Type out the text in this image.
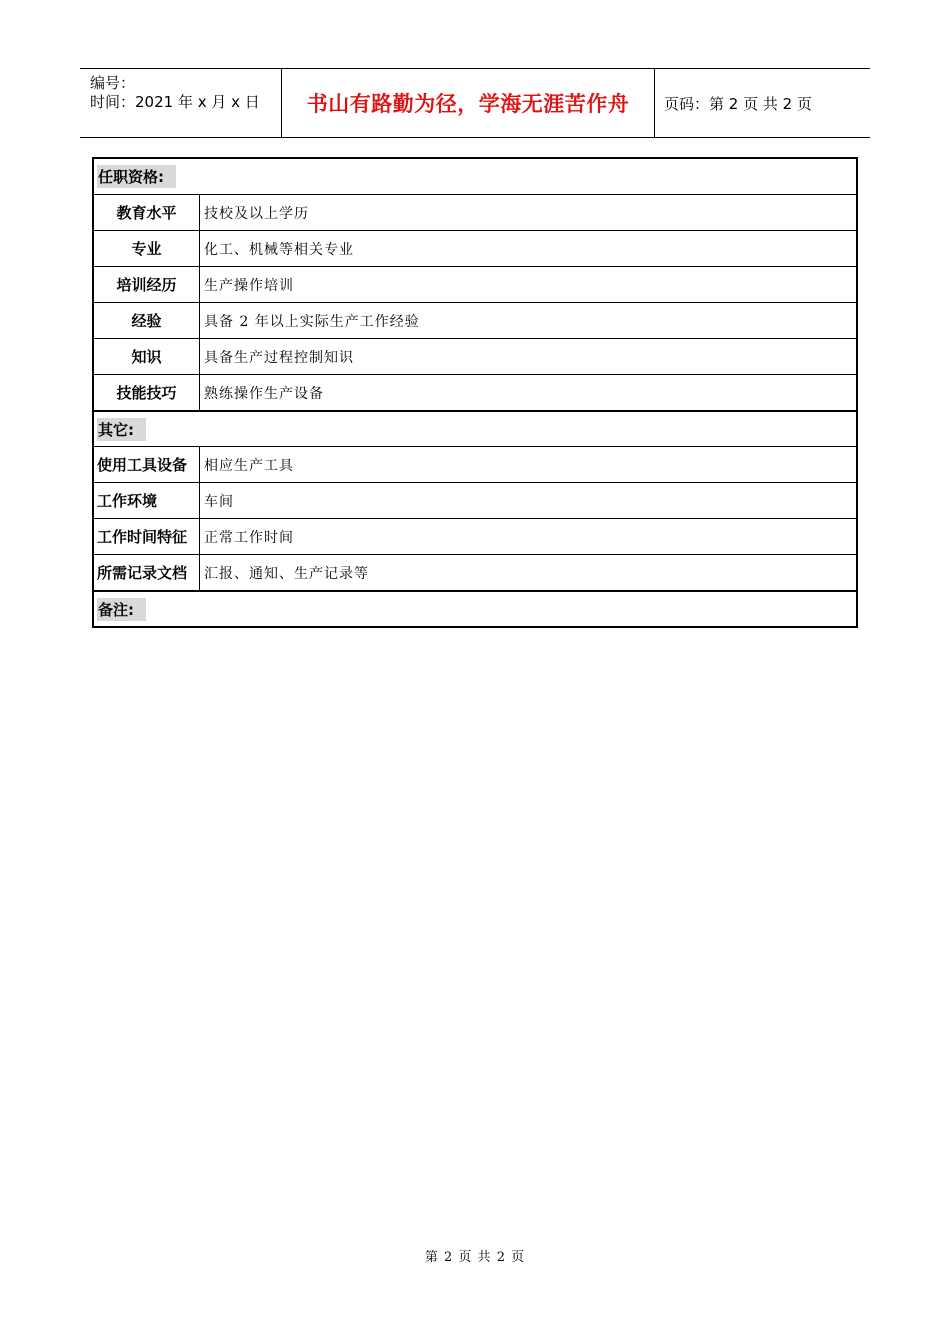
编号：
时间：2021 年 x 月 x 日 书山有路勤为径，学海无涯苦作舟 页码：第 2 页 共 2 页
任职资格:
教育水平	技校及以上学历
专业	化工、机械等相关专业
培训经历	生产操作培训
经验	具备 2 年以上实际生产工作经验
知识	具备生产过程控制知识
技能技巧	熟练操作生产设备
其它:
使用工具设备	相应生产工具
工作环境	车间
工作时间特征	正常工作时间
所需记录文档	汇报、通知、生产记录等
备注:
第 2 页 共 2 页
